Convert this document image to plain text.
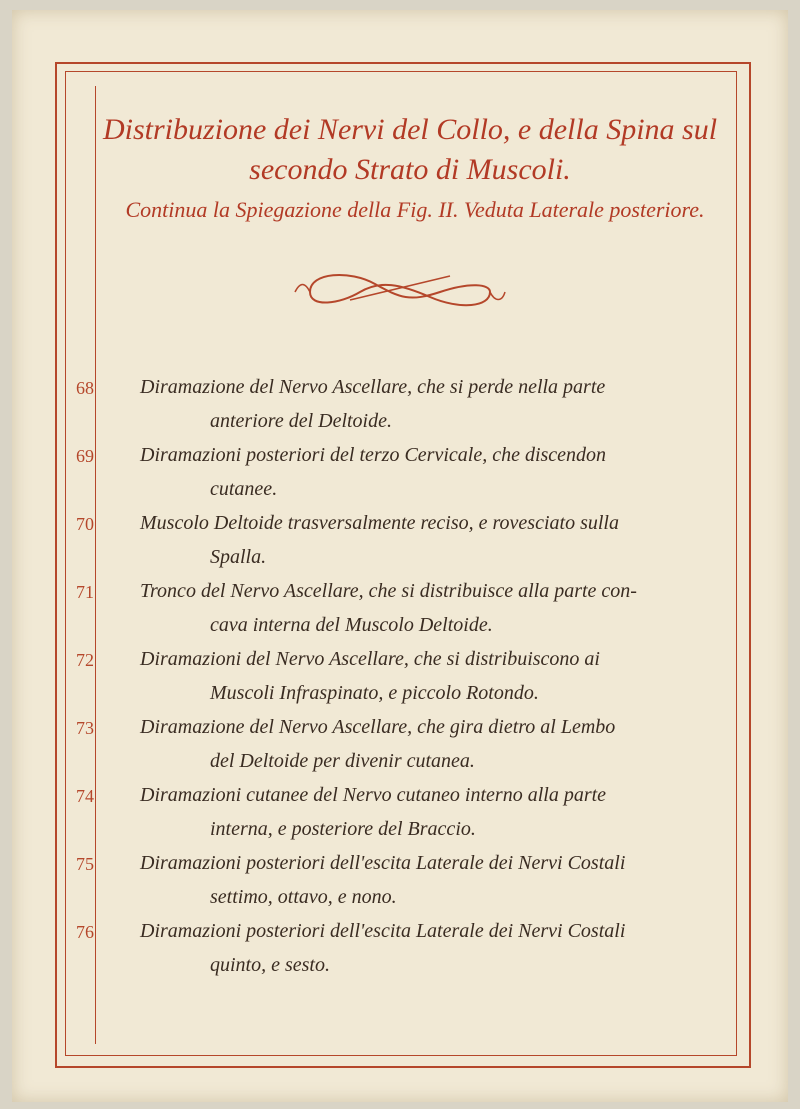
Distribuzione dei Nervi del Collo, e della Spina sul
secondo Strato di Muscoli.
Continua la Spiegazione della Fig. II. Veduta Laterale posteriore.
68	Diramazione del Nervo Ascellare, che si perde nella parte
anteriore del Deltoide.
69	Diramazioni posteriori del terzo Cervicale, che discendon
cutanee.
70	Muscolo Deltoide trasversalmente reciso, e rovesciato sulla
Spalla.
71	Tronco del Nervo Ascellare, che si distribuisce alla parte con-
cava interna del Muscolo Deltoide.
72	Diramazioni del Nervo Ascellare, che si distribuiscono ai
Muscoli Infraspinato, e piccolo Rotondo.
73	Diramazione del Nervo Ascellare, che gira dietro al Lembo
del Deltoide per divenir cutanea.
74	Diramazioni cutanee del Nervo cutaneo interno alla parte
interna, e posteriore del Braccio.
75	Diramazioni posteriori dell'escita Laterale dei Nervi Costali
settimo, ottavo, e nono.
76	Diramazioni posteriori dell'escita Laterale dei Nervi Costali
quinto, e sesto.
